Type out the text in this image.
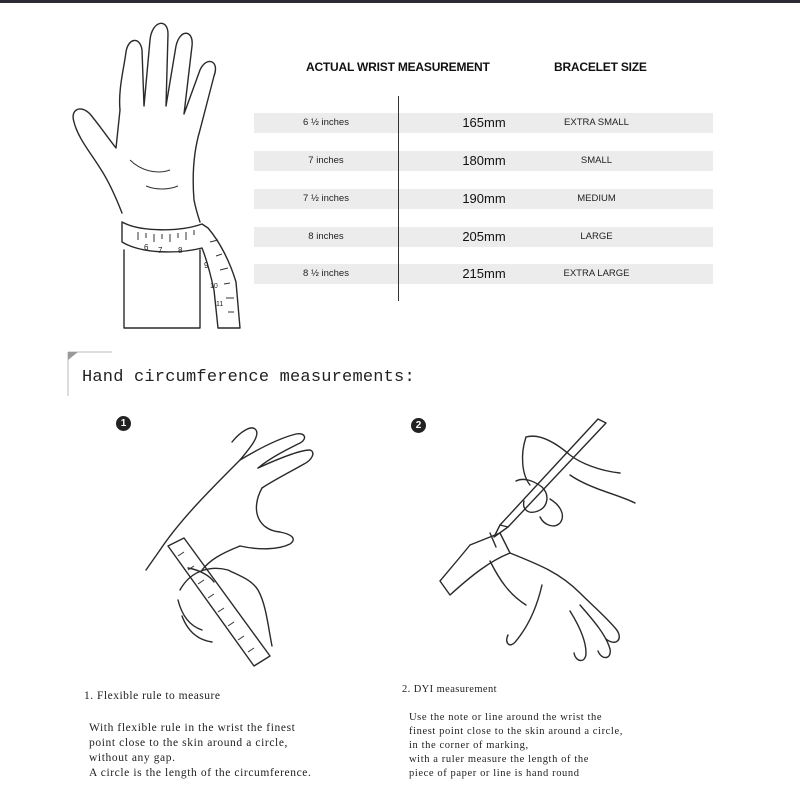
6 7 8
9
10
11
ACTUAL WRIST MEASUREMENT	BRACELET SIZE
6 ½ inches	165mm	EXTRA SMALL
7 inches	180mm	SMALL
7 ½ inches	190mm	MEDIUM
8 inches	205mm	LARGE
8 ½ inches	215mm	EXTRA LARGE
Hand circumference measurements:
1	2
1. Flexible rule to measure
With flexible rule in the wrist the finest
point close to the skin around a circle,
without any gap.
A circle is the length of the circumference.
2. DYI measurement
Use the note or line around the wrist the
finest point close to the skin around a circle,
in the corner of marking,
with a ruler measure the length of the
piece of paper or line is hand round
